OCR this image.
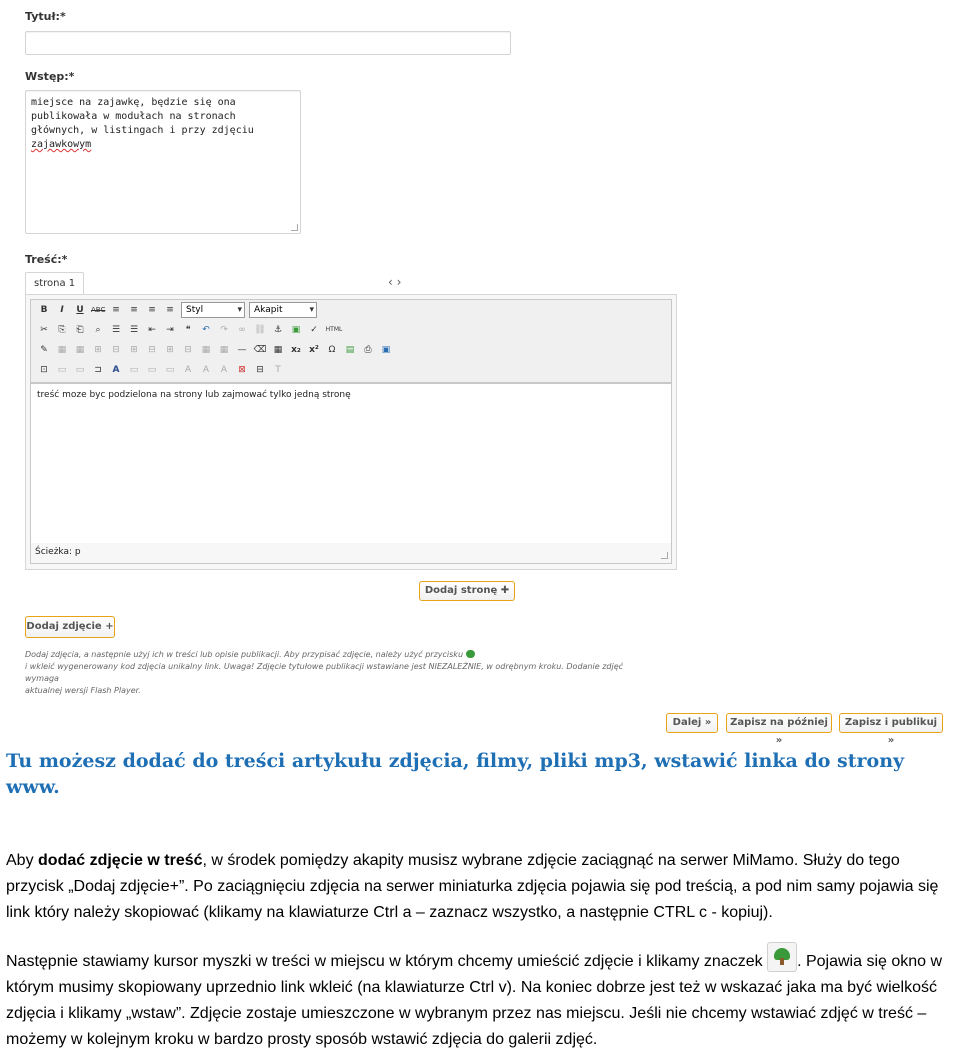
Tytuł:*
Wstęp:*
miejsce na zajawkę, będzie się ona
publikowała w modułach na stronach
głównych, w listingach i przy zdjęciu
zajawkowym
Treść:*
strona 1	‹ ›
B	I	U	ABC ≡	≡	≡	≡	Styl ▾	Akapit ▾
✂	⎘	⎗	⌕	☰	☰	⇤	⇥	❝	↶	↷	∞ ⛓ ⚓	▣	✓	HTML
✎	▦	▦	⊞	⊟	⊞	⊟	⊞	⊟	▦	▦	— ⌫ ▦ x₂ x²	Ω	▤	⎙	▣
⊡	▭	▭	⊐	A	▭	▭	▭	A	A	A	⊠	⊟	T
treść moze byc podzielona na strony lub zajmować tylko jedną stronę
Ścieżka: p
Dodaj stronę ✚
Dodaj zdjęcie +
Dodaj zdjęcia, a następnie użyj ich w treści lub opisie publikacji. Aby przypisać zdjęcie, należy użyć przycisku
i wkleić wygenerowany kod zdjęcia unikalny link. Uwaga! Zdjęcie tytułowe publikacji wstawiane jest NIEZALEŻNIE, w odrębnym kroku. Dodanie zdjęć wymaga
aktualnej wersji Flash Player.
Dalej »	Zapisz na później »
Zapisz i publikuj »
Tu możesz dodać do treści artykułu zdjęcia, filmy, pliki mp3, wstawić linka do strony www.
Aby dodać zdjęcie w treść, w środek pomiędzy akapity musisz wybrane zdjęcie zaciągnąć na serwer MiMamo. Służy do tego przycisk „Dodaj zdjęcie+”. Po zaciągnięciu zdjęcia na serwer miniaturka zdjęcia pojawia się pod treścią, a pod nim samy pojawia się link który należy skopiować (klikamy na klawiaturze Ctrl a – zaznacz wszystko, a następnie CTRL c - kopiuj).
Następnie stawiamy kursor myszki w treści w miejscu w którym chcemy umieścić zdjęcie i klikamy znaczek . Pojawia się okno w którym musimy skopiowany uprzednio link wkleić (na klawiaturze Ctrl v). Na koniec dobrze jest też w wskazać jaka ma być wielkość zdjęcia i klikamy „wstaw”. Zdjęcie zostaje umieszczone w wybranym przez nas miejscu. Jeśli nie chcemy wstawiać zdjęć w treść – możemy w kolejnym kroku w bardzo prosty sposób wstawić zdjęcia do galerii zdjęć.
